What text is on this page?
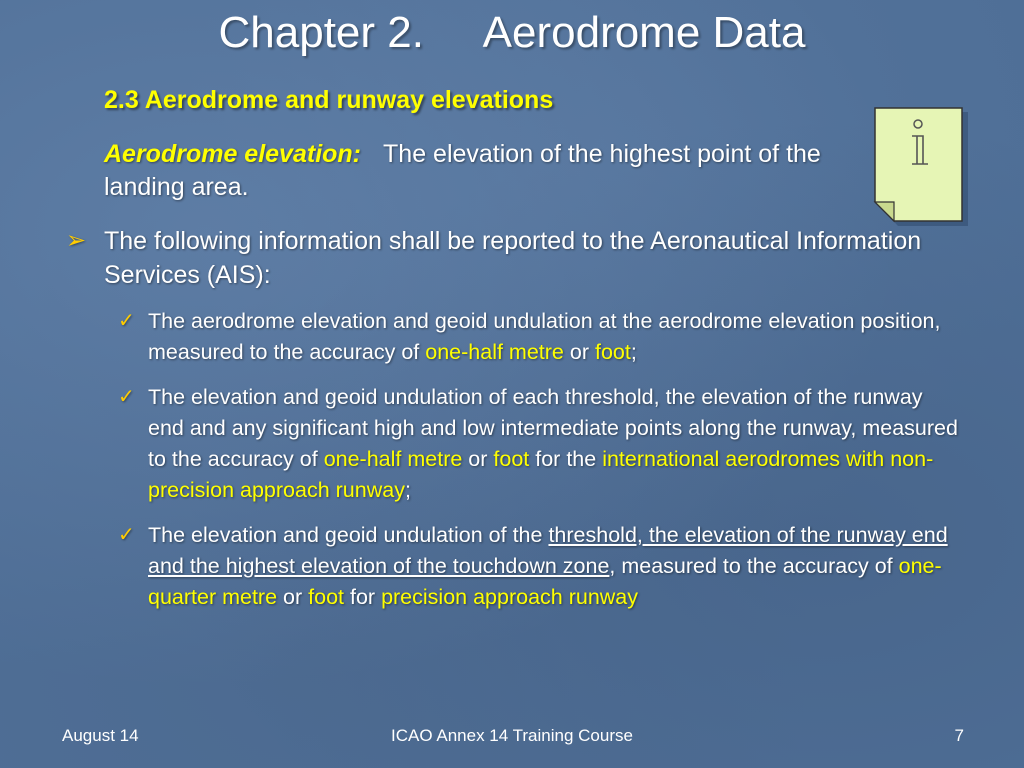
Chapter 2.     Aerodrome Data
2.3 Aerodrome and runway elevations
Aerodrome elevation: The elevation of the highest point of the landing area.
➢ The following information shall be reported to the Aeronautical Information Services (AIS):
✓ The aerodrome elevation and geoid undulation at the aerodrome elevation position, measured to the accuracy of one-half metre or foot;
✓ The elevation and geoid undulation of each threshold, the elevation of the runway end and any significant high and low intermediate points along the runway, measured to the accuracy of one-half metre or foot for the international aerodromes with non-precision approach runway;
✓ The elevation and geoid undulation of the threshold, the elevation of the runway end and the highest elevation of the touchdown zone, measured to the accuracy of one-quarter metre or foot for precision approach runway
August 14	ICAO Annex 14 Training Course	7
